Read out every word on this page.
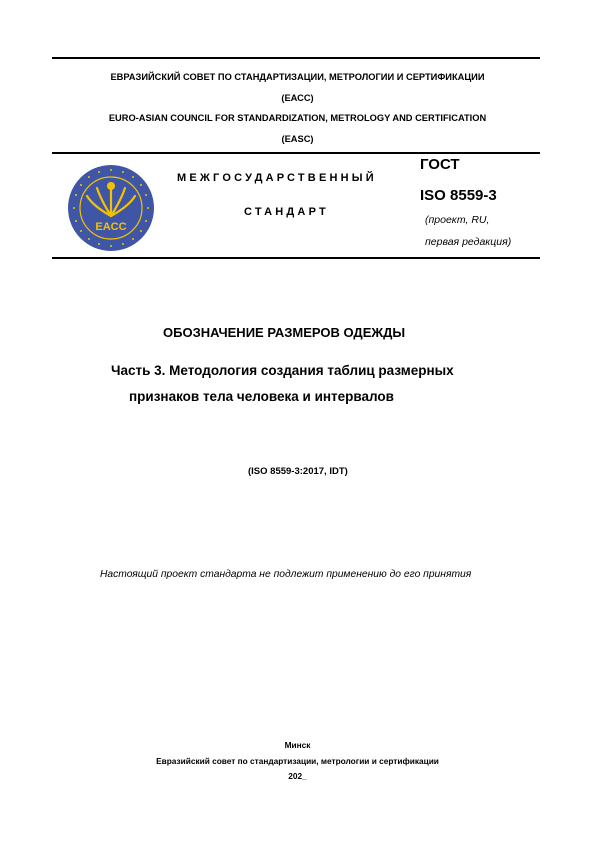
ЕВРАЗИЙСКИЙ СОВЕТ ПО СТАНДАРТИЗАЦИИ, МЕТРОЛОГИИ И СЕРТИФИКАЦИИ
(ЕАСС)
EURO-ASIAN COUNCIL FOR STANDARDIZATION, METROLOGY AND CERTIFICATION
(EASC)
EACC
МЕЖГОСУДАРСТВЕННЫЙ
СТАНДАРТ
ГОСТ
ISO 8559-3
(проект, RU,
первая редакция)
ОБОЗНАЧЕНИЕ РАЗМЕРОВ ОДЕЖДЫ
Часть 3. Методология создания таблиц размерных
признаков тела человека и интервалов
(ISO 8559-3:2017, IDT)
Настоящий проект стандарта не подлежит применению до его принятия
Минск
Евразийский совет по стандартизации, метрологии и сертификации
202_
